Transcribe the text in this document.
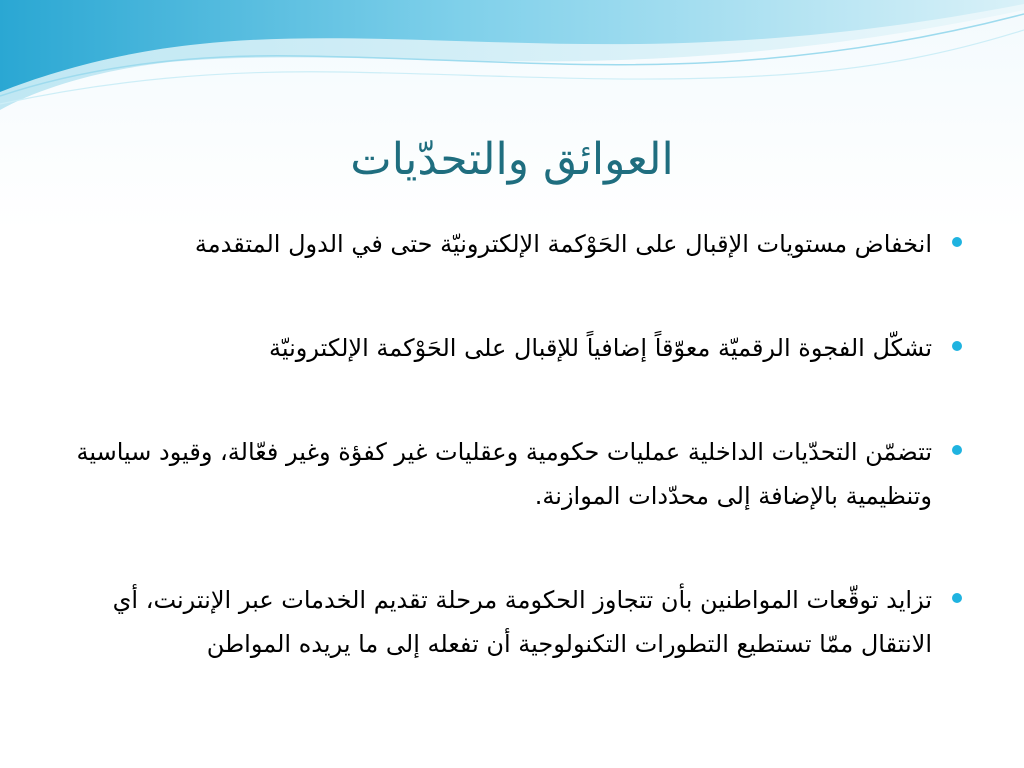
العوائق والتحدّيات
انخفاض مستويات الإقبال على الحَوْكمة الإلكترونيّة حتى في الدول المتقدمة
تشكّل الفجوة الرقميّة معوّقاً إضافياً للإقبال على الحَوْكمة الإلكترونيّة
تتضمّن التحدّيات الداخلية عمليات حكومية وعقليات غير كفؤة وغير فعّالة، وقيود سياسية وتنظيمية بالإضافة إلى محدّدات الموازنة.
تزايد توقّعات المواطنين بأن تتجاوز الحكومة مرحلة تقديم الخدمات عبر الإنترنت، أي الانتقال ممّا تستطيع التطورات التكنولوجية أن تفعله إلى ما يريده المواطن
